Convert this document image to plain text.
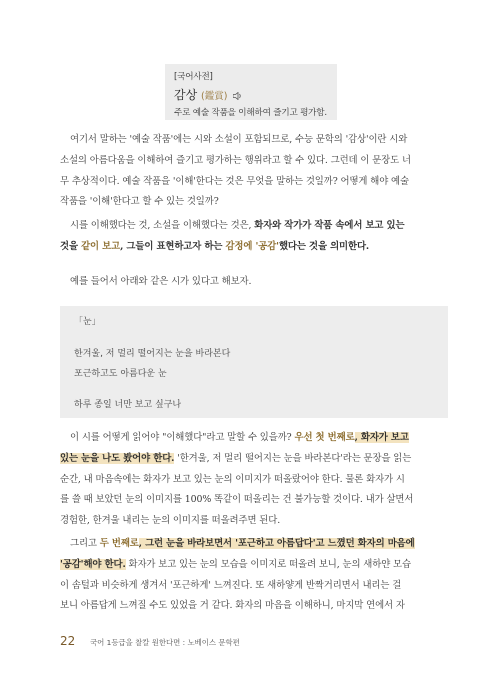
[국어사전]
감상 (鑑賞)
주로 예술 작품을 이해하여 즐기고 평가함.
여기서 말하는 '예술 작품'에는 시와 소설이 포함되므로, 수능 문학의 '감상'이란 시와
소설의 아름다움을 이해하여 즐기고 평가하는 행위라고 할 수 있다. 그런데 이 문장도 너
무 추상적이다. 예술 작품을 '이해'한다는 것은 무엇을 말하는 것일까? 어떻게 해야 예술
작품을 '이해'한다고 할 수 있는 것일까?
시를 이해했다는 것, 소설을 이해했다는 것은, 화자와 작가가 작품 속에서 보고 있는
것을 같이 보고, 그들이 표현하고자 하는 감정에 '공감'했다는 것을 의미한다.
예를 들어서 아래와 같은 시가 있다고 해보자.
「눈」
한겨울, 저 멀리 떨어지는 눈을 바라본다
포근하고도 아름다운 눈
하루 종일 너만 보고 싶구나
이 시를 어떻게 읽어야 "이해했다"라고 말할 수 있을까? 우선 첫 번째로, 화자가 보고
있는 눈을 나도 봤어야 한다. '한겨울, 저 멀리 떨어지는 눈을 바라본다'라는 문장을 읽는
순간, 내 마음속에는 화자가 보고 있는 눈의 이미지가 떠올랐어야 한다. 물론 화자가 시
를 쓸 때 보았던 눈의 이미지를 100% 똑같이 떠올리는 건 불가능할 것이다. 내가 살면서
경험한, 한겨울 내리는 눈의 이미지를 떠올려주면 된다.
그리고 두 번째로, 그런 눈을 바라보면서 '포근하고 아름답다'고 느꼈던 화자의 마음에
'공감'해야 한다. 화자가 보고 있는 눈의 모습을 이미지로 떠올려 보니, 눈의 새하얀 모습
이 솜털과 비슷하게 생겨서 '포근하게' 느껴진다. 또 새하얗게 반짝거리면서 내리는 걸
보니 아름답게 느껴질 수도 있었을 거 같다. 화자의 마음을 이해하니, 마지막 연에서 자
22 국어 1등급을 찰칼 원한다면 : 노베이스 문학편
